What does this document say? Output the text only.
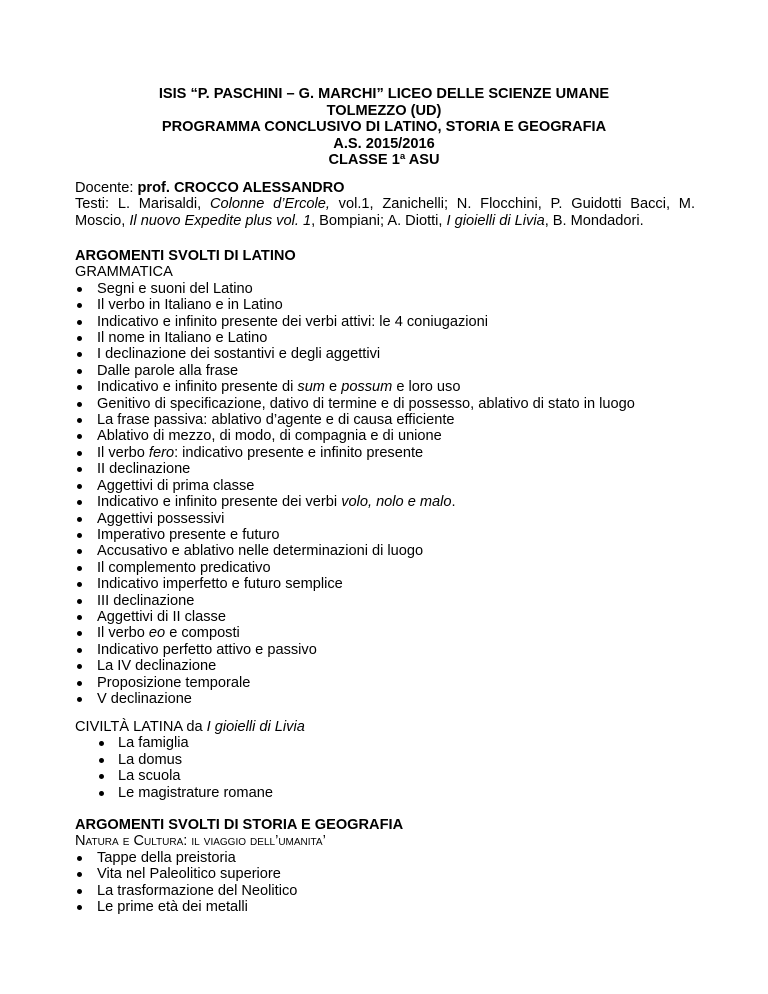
ISIS “P. PASCHINI – G. MARCHI” LICEO DELLE SCIENZE UMANE
TOLMEZZO (UD)
PROGRAMMA CONCLUSIVO DI LATINO, STORIA E GEOGRAFIA
A.S. 2015/2016
CLASSE 1ª ASU
Docente: prof. CROCCO ALESSANDRO
Testi: L. Marisaldi, Colonne d’Ercole, vol.1, Zanichelli; N. Flocchini, P. Guidotti Bacci, M.
Moscio, Il nuovo Expedite plus vol. 1, Bompiani; A. Diotti, I gioielli di Livia, B. Mondadori.
ARGOMENTI SVOLTI DI LATINO
GRAMMATICA
Segni e suoni del Latino
Il verbo in Italiano e in Latino
Indicativo e infinito presente dei verbi attivi: le 4 coniugazioni
Il nome in Italiano e Latino
I declinazione dei sostantivi e degli aggettivi
Dalle parole alla frase
Indicativo e infinito presente di sum e possum e loro uso
Genitivo di specificazione, dativo di termine e di possesso, ablativo di stato in luogo
La frase passiva: ablativo d’agente e di causa efficiente
Ablativo di mezzo, di modo, di compagnia e di unione
Il verbo fero: indicativo presente e infinito presente
II declinazione
Aggettivi di prima classe
Indicativo e infinito presente dei verbi volo, nolo e malo.
Aggettivi possessivi
Imperativo presente e futuro
Accusativo e ablativo nelle determinazioni di luogo
Il complemento predicativo
Indicativo imperfetto e futuro semplice
III declinazione
Aggettivi di II classe
Il verbo eo e composti
Indicativo perfetto attivo e passivo
La IV declinazione
Proposizione temporale
V declinazione
CIVILTÀ LATINA da I gioielli di Livia
La famiglia
La domus
La scuola
Le magistrature romane
ARGOMENTI SVOLTI DI STORIA E GEOGRAFIA
Natura e Cultura: il viaggio dell’umanita’
Tappe della preistoria
Vita nel Paleolitico superiore
La trasformazione del Neolitico
Le prime età dei metalli
